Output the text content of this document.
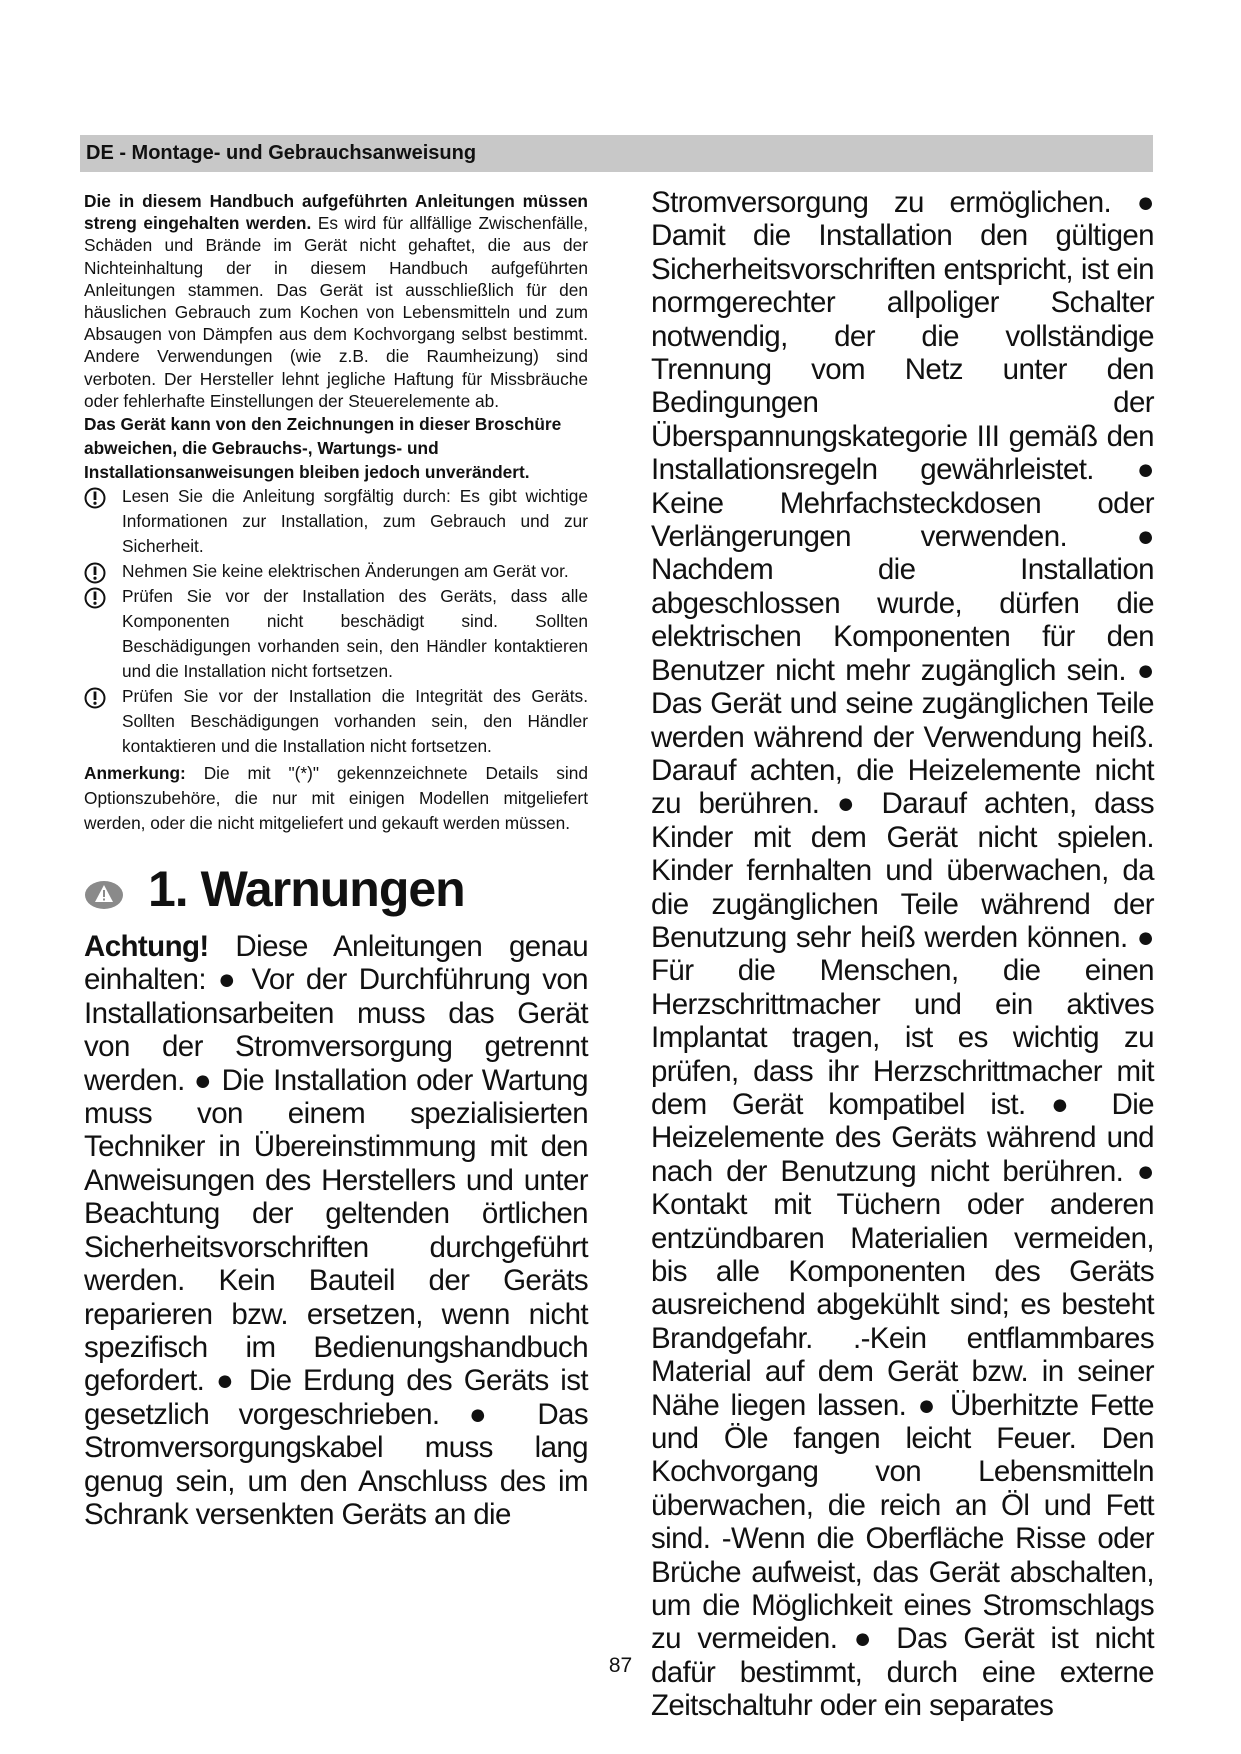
DE - Montage- und Gebrauchsanweisung

Die in diesem Handbuch aufgeführten Anleitungen müssen streng eingehalten werden. Es wird für allfällige Zwischenfälle, Schäden und Brände im Gerät nicht gehaftet, die aus der Nichteinhaltung der in diesem Handbuch aufgeführten Anleitungen stammen. Das Gerät ist ausschließlich für den häuslichen Gebrauch zum Kochen von Lebensmitteln und zum Absaugen von Dämpfen aus dem Kochvorgang selbst bestimmt. Andere Verwendungen (wie z.B. die Raumheizung) sind verboten. Der Hersteller lehnt jegliche Haftung für Missbräuche oder fehlerhafte Einstellungen der Steuerelemente ab.

Das Gerät kann von den Zeichnungen in dieser Broschüre abweichen, die Gebrauchs-, Wartungs- und Installationsanweisungen bleiben jedoch unverändert.

Lesen Sie die Anleitung sorgfältig durch: Es gibt wichtige Informationen zur Installation, zum Gebrauch und zur Sicherheit.

Nehmen Sie keine elektrischen Änderungen am Gerät vor.

Prüfen Sie vor der Installation des Geräts, dass alle Komponenten nicht beschädigt sind. Sollten Beschädigungen vorhanden sein, den Händler kontaktieren und die Installation nicht fortsetzen.

Prüfen Sie vor der Installation die Integrität des Geräts. Sollten Beschädigungen vorhanden sein, den Händler kontaktieren und die Installation nicht fortsetzen.

Anmerkung: Die mit "(*)" gekennzeichnete Details sind Optionszubehöre, die nur mit einigen Modellen mitgeliefert werden, oder die nicht mitgeliefert und gekauft werden müssen.

1. Warnungen

Achtung! Diese Anleitungen genau einhalten: ● Vor der Durchführung von Installationsarbeiten muss das Gerät von der Stromversorgung getrennt werden. ● Die Installation oder Wartung muss von einem spezialisierten Techniker in Übereinstimmung mit den Anweisungen des Herstellers und unter Beachtung der geltenden örtlichen Sicherheitsvorschriften durchgeführt werden. Kein Bauteil der Geräts reparieren bzw. ersetzen, wenn nicht spezifisch im Bedienungshandbuch gefordert. ● Die Erdung des Geräts ist gesetzlich vorgeschrieben. ● Das Stromversorgungskabel muss lang genug sein, um den Anschluss des im Schrank versenkten Geräts an die

Stromversorgung zu ermöglichen. ● Damit die Installation den gültigen Sicherheitsvorschriften entspricht, ist ein normgerechter allpoliger Schalter notwendig, der die vollständige Trennung vom Netz unter den Bedingungen der Überspannungskategorie III gemäß den Installationsregeln gewährleistet. ● Keine Mehrfachsteckdosen oder Verlängerungen verwenden. ● Nachdem die Installation abgeschlossen wurde, dürfen die elektrischen Komponenten für den Benutzer nicht mehr zugänglich sein. ● Das Gerät und seine zugänglichen Teile werden während der Verwendung heiß. Darauf achten, die Heizelemente nicht zu berühren. ● Darauf achten, dass Kinder mit dem Gerät nicht spielen. Kinder fernhalten und überwachen, da die zugänglichen Teile während der Benutzung sehr heiß werden können. ● Für die Menschen, die einen Herzschrittmacher und ein aktives Implantat tragen, ist es wichtig zu prüfen, dass ihr Herzschrittmacher mit dem Gerät kompatibel ist. ● Die Heizelemente des Geräts während und nach der Benutzung nicht berühren. ● Kontakt mit Tüchern oder anderen entzündbaren Materialien vermeiden, bis alle Komponenten des Geräts ausreichend abgekühlt sind; es besteht Brandgefahr. .-Kein entflammbares Material auf dem Gerät bzw. in seiner Nähe liegen lassen. ● Überhitzte Fette und Öle fangen leicht Feuer. Den Kochvorgang von Lebensmitteln überwachen, die reich an Öl und Fett sind. -Wenn die Oberfläche Risse oder Brüche aufweist, das Gerät abschalten, um die Möglichkeit eines Stromschlags zu vermeiden. ● Das Gerät ist nicht dafür bestimmt, durch eine externe Zeitschaltuhr oder ein separates

87
